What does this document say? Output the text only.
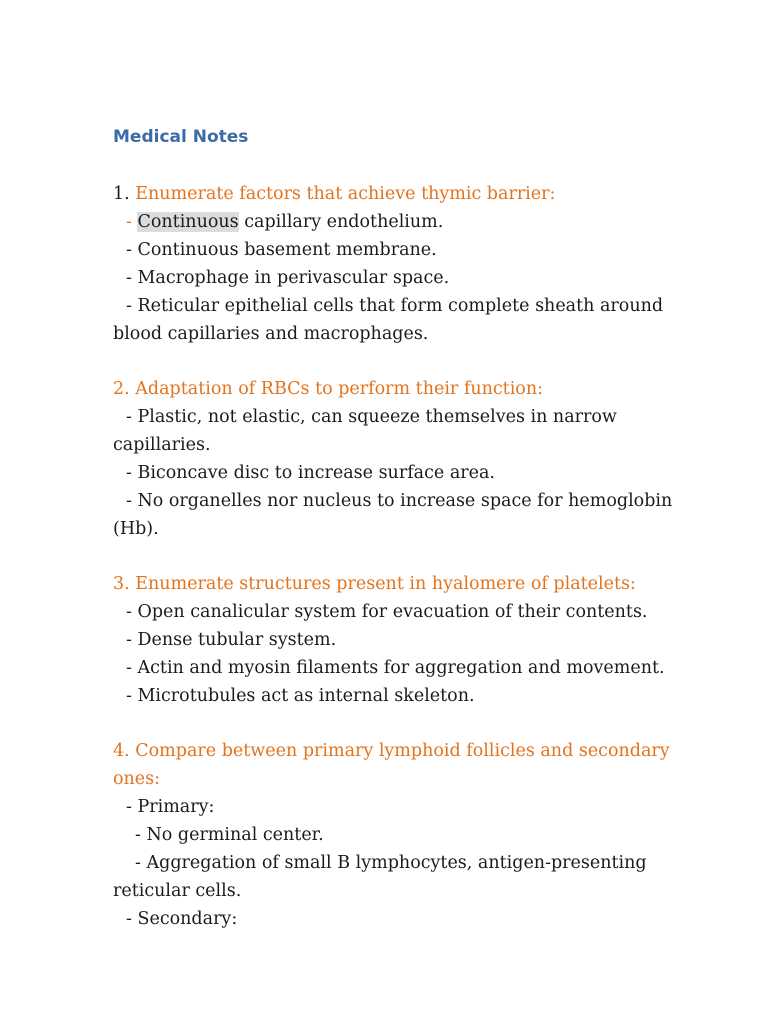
Medical Notes
1. Enumerate factors that achieve thymic barrier:
- Continuous capillary endothelium.
- Continuous basement membrane.
- Macrophage in perivascular space.
- Reticular epithelial cells that form complete sheath around
blood capillaries and macrophages.
2. Adaptation of RBCs to perform their function:
- Plastic, not elastic, can squeeze themselves in narrow
capillaries.
- Biconcave disc to increase surface area.
- No organelles nor nucleus to increase space for hemoglobin
(Hb).
3. Enumerate structures present in hyalomere of platelets:
- Open canalicular system for evacuation of their contents.
- Dense tubular system.
- Actin and myosin filaments for aggregation and movement.
- Microtubules act as internal skeleton.
4. Compare between primary lymphoid follicles and secondary
ones:
- Primary:
- No germinal center.
- Aggregation of small B lymphocytes, antigen-presenting
reticular cells.
- Secondary:
